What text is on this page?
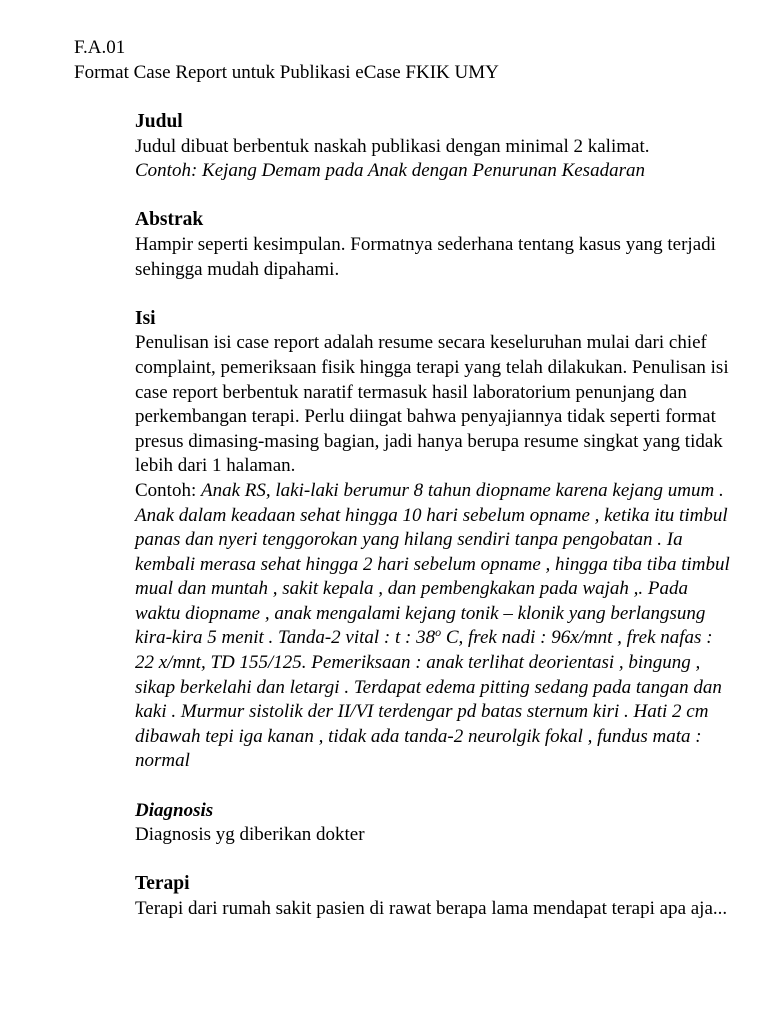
F.A.01
Format Case Report untuk Publikasi eCase FKIK UMY
Judul

Judul dibuat berbentuk naskah publikasi dengan minimal 2 kalimat.

Contoh: Kejang Demam pada Anak dengan Penurunan Kesadaran

Abstrak

Hampir seperti kesimpulan. Formatnya sederhana tentang kasus yang terjadi sehingga mudah dipahami.

Isi

Penulisan isi case report adalah resume secara keseluruhan mulai dari chief complaint, pemeriksaan fisik hingga terapi yang telah dilakukan. Penulisan isi case report berbentuk naratif termasuk hasil laboratorium penunjang dan perkembangan terapi. Perlu diingat bahwa penyajiannya tidak seperti format presus dimasing-masing bagian, jadi hanya berupa resume singkat yang tidak lebih dari 1 halaman.

Contoh: Anak RS, laki-laki berumur 8 tahun diopname karena kejang umum . Anak dalam keadaan sehat hingga 10 hari sebelum opname , ketika itu timbul panas dan nyeri tenggorokan yang hilang sendiri tanpa pengobatan . Ia kembali merasa sehat hingga 2 hari sebelum opname , hingga tiba tiba timbul mual dan muntah , sakit kepala , dan pembengkakan pada wajah ,. Pada waktu diopname , anak mengalami kejang tonik – klonik yang berlangsung kira-kira 5 menit . Tanda-2 vital : t : 38$^o$ C, frek nadi : 96x/mnt , frek nafas : 22 x/mnt, TD 155/125. Pemeriksaan : anak terlihat deorientasi , bingung , sikap berkelahi dan letargi . Terdapat edema pitting sedang pada tangan dan kaki . Murmur sistolik der II/VI terdengar pd batas sternum kiri . Hati 2 cm dibawah tepi iga kanan , tidak ada tanda-2 neurolgik fokal , fundus mata : normal

Diagnosis

Diagnosis yg diberikan dokter

Terapi

Terapi dari rumah sakit pasien di rawat berapa lama mendapat terapi apa aja...
